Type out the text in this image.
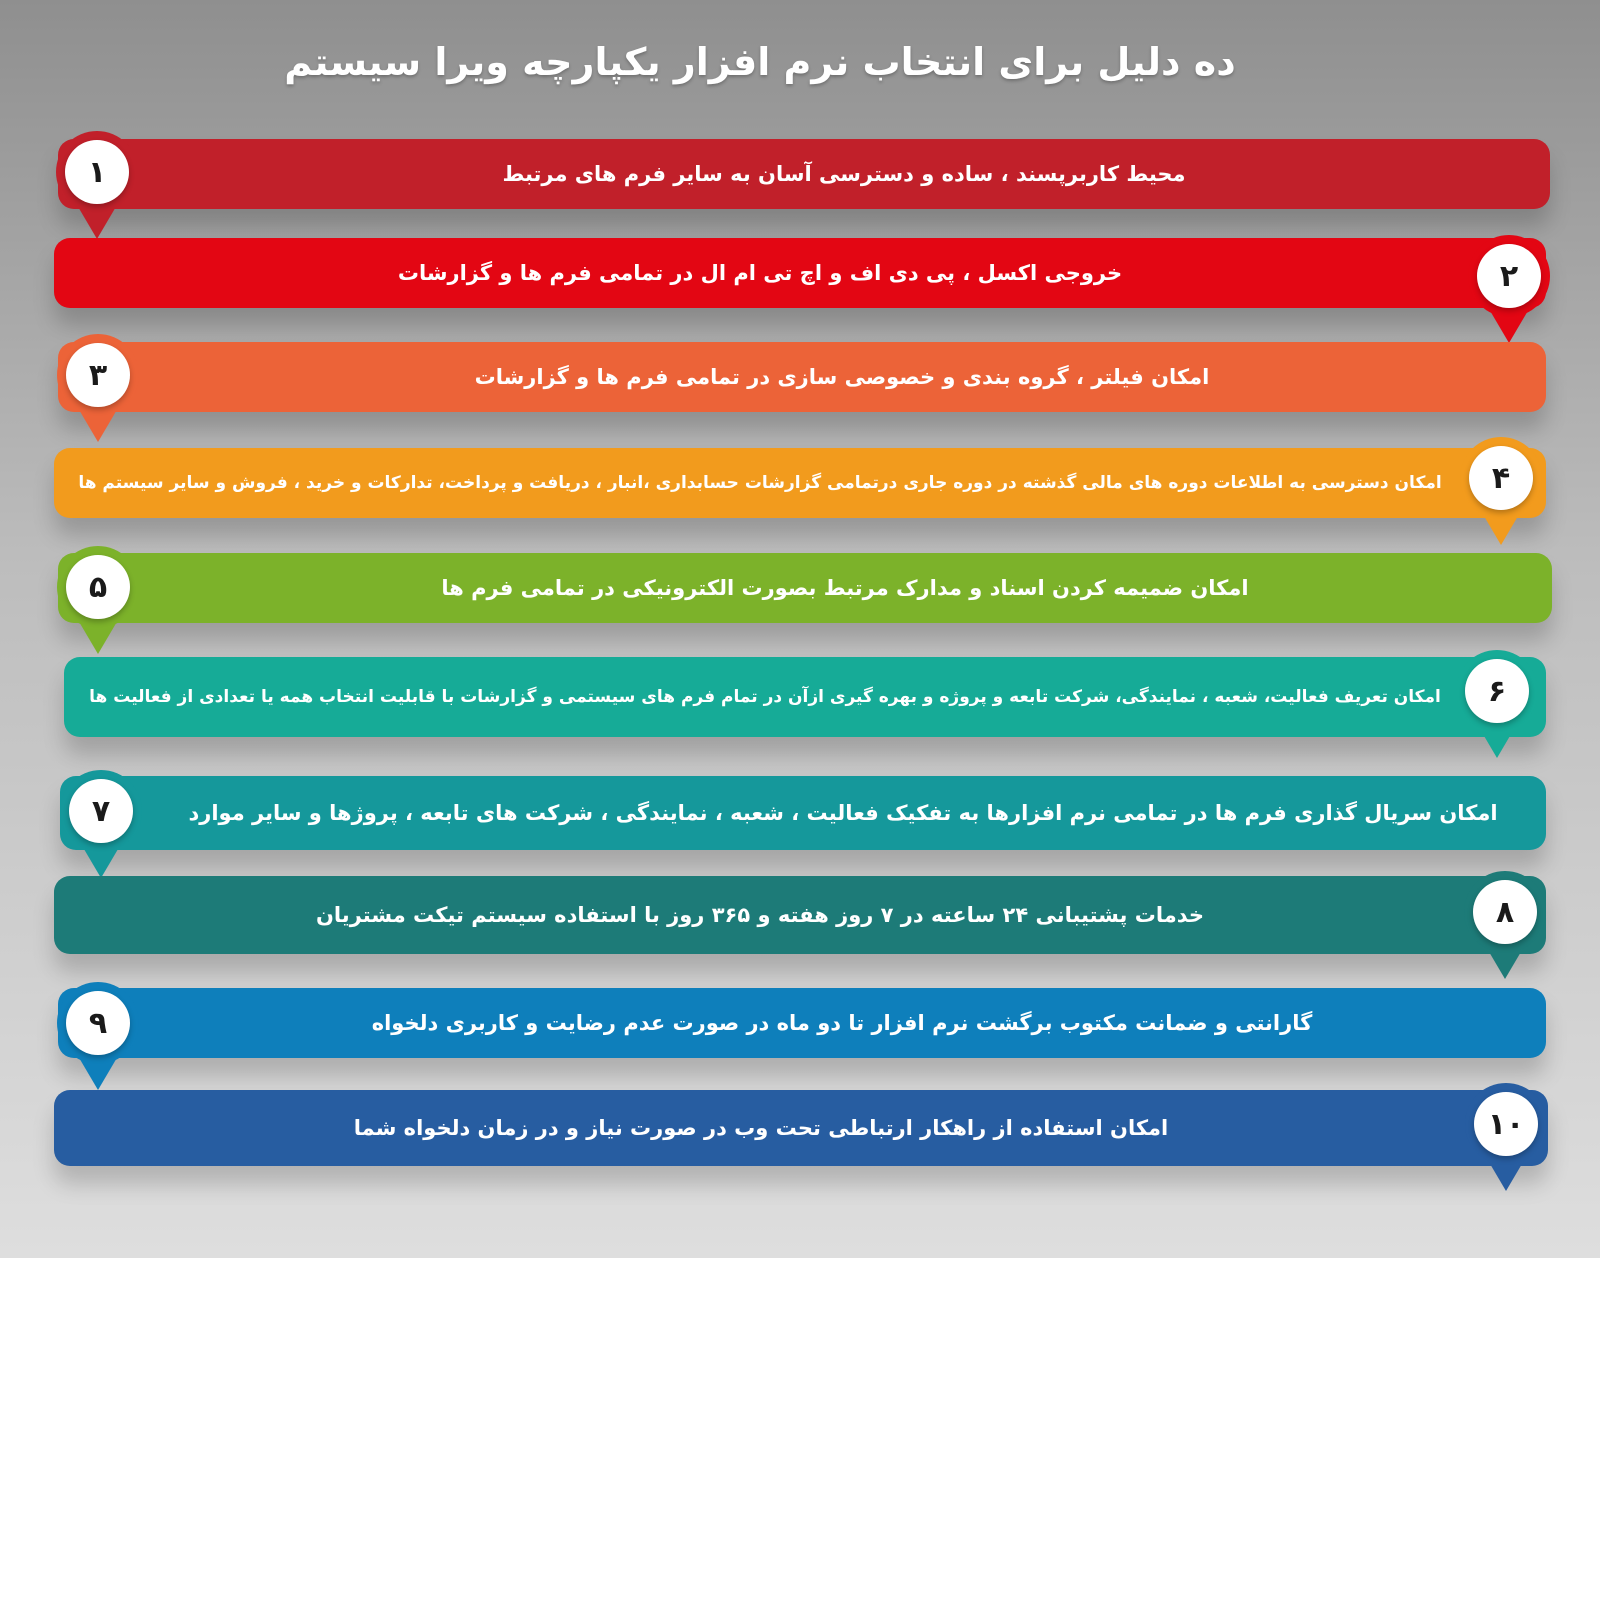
ده دلیل برای انتخاب نرم افزار یکپارچه ویرا سیستم
محیط کاربرپسند ، ساده و دسترسی آسان به سایر فرم های مرتبط
۱
خروجی اکسل ، پی دی اف و اچ تی ام ال در تمامی فرم ها و گزارشات	۲
امکان فیلتر ، گروه بندی و خصوصی سازی در تمامی فرم ها و گزارشات
۳
امکان دسترسی به اطلاعات دوره های مالی گذشته در دوره جاری درتمامی گزارشات حسابداری ،انبار ، دریافت و پرداخت، تدارکات و خرید ، فروش و سایر سیستم ها	۴
امکان ضمیمه کردن اسناد و مدارک مرتبط بصورت الکترونیکی در تمامی فرم ها
۵
امکان تعریف فعالیت، شعبه ، نمایندگی، شرکت تابعه و پروژه و بهره گیری ازآن در تمام فرم های سیستمی و گزارشات با قابلیت انتخاب همه یا تعدادی از فعالیت ها	۶
امکان سریال گذاری فرم ها در تمامی نرم افزارها به تفکیک فعالیت ، شعبه ، نمایندگی ، شرکت های تابعه ، پروژها و سایر موارد
۷
خدمات پشتیبانی ۲۴ ساعته در ۷ روز هفته و ۳۶۵ روز با استفاده سیستم تیکت مشتریان	۸
گارانتی و ضمانت مکتوب برگشت نرم افزار تا دو ماه در صورت عدم رضایت و کاربری دلخواه
۹
امکان استفاده از راهکار ارتباطی تحت وب در صورت نیاز و در زمان دلخواه شما	۱۰
